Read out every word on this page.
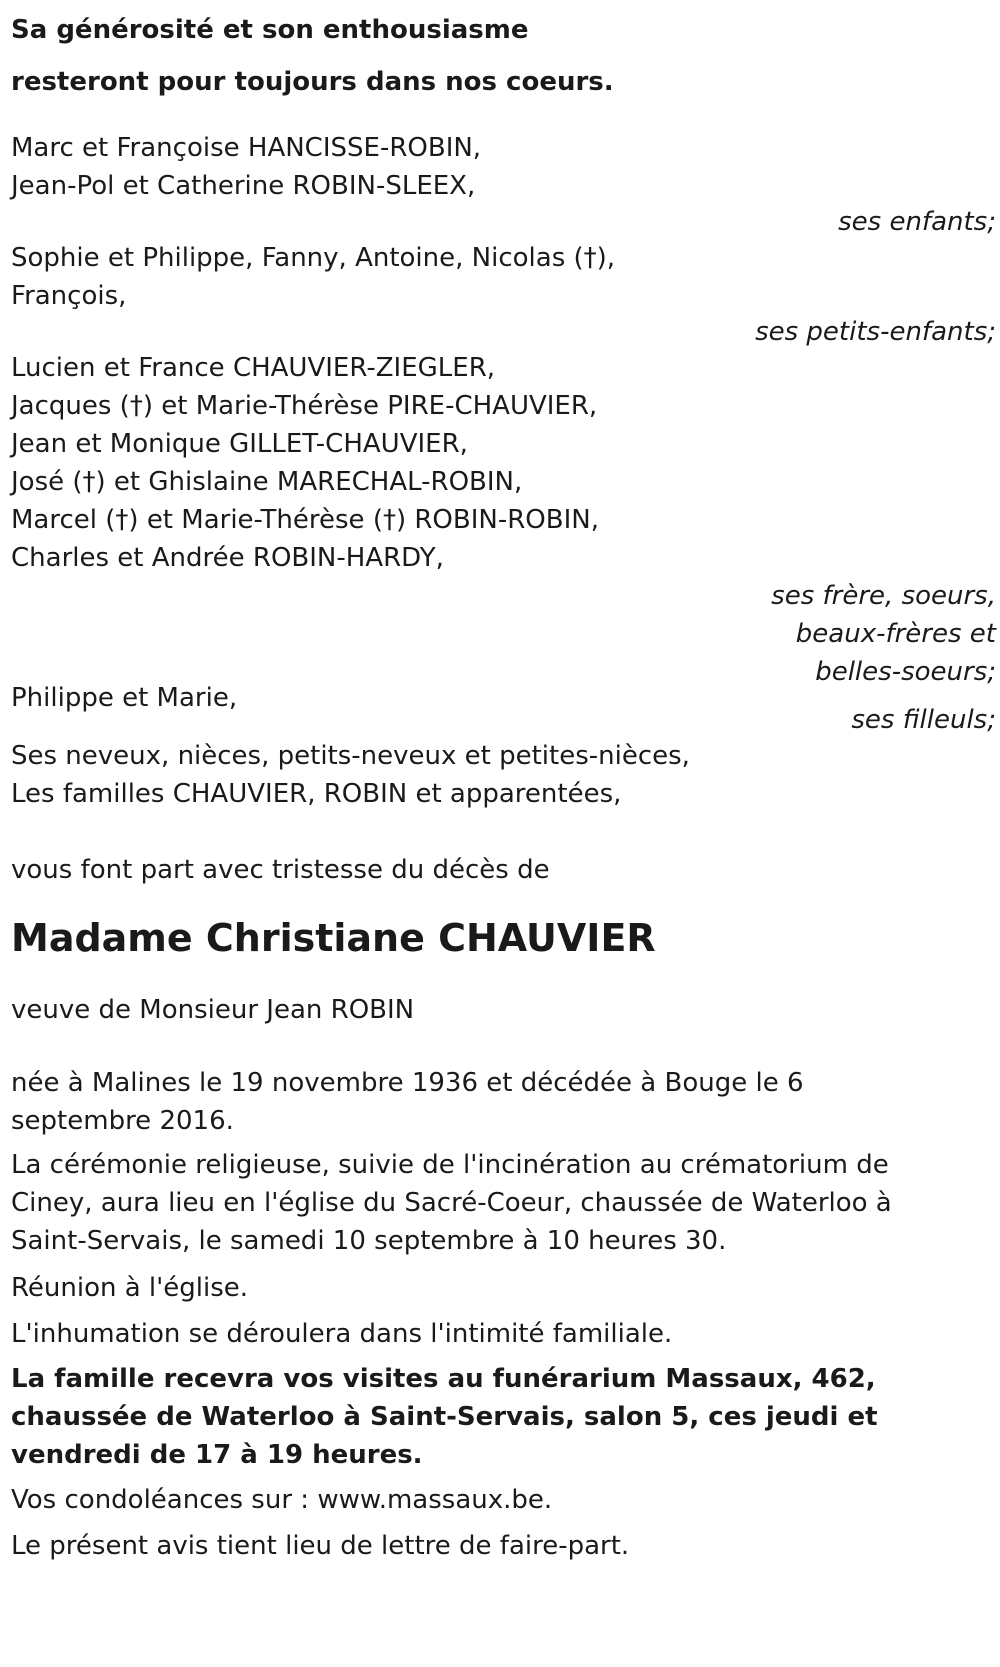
Sa générosité et son enthousiasme
resteront pour toujours dans nos coeurs.
Marc et Françoise HANCISSE-ROBIN,
Jean-Pol et Catherine ROBIN-SLEEX,
ses enfants;
Sophie et Philippe, Fanny, Antoine, Nicolas (†),
François,
ses petits-enfants;
Lucien et France CHAUVIER-ZIEGLER,
Jacques (†) et Marie-Thérèse PIRE-CHAUVIER,
Jean et Monique GILLET-CHAUVIER,
José (†) et Ghislaine MARECHAL-ROBIN,
Marcel (†) et Marie-Thérèse (†) ROBIN-ROBIN,
Charles et Andrée ROBIN-HARDY,
ses frère, soeurs,
beaux-frères et
belles-soeurs;
Philippe et Marie,
ses filleuls;
Ses neveux, nièces, petits-neveux et petites-nièces,
Les familles CHAUVIER, ROBIN et apparentées,
vous font part avec tristesse du décès de
Madame Christiane CHAUVIER
veuve de Monsieur Jean ROBIN
née à Malines le 19 novembre 1936 et décédée à Bouge le 6 septembre 2016.
La cérémonie religieuse, suivie de l'incinération au crématorium de Ciney, aura lieu en l'église du Sacré-Coeur, chaussée de Waterloo à Saint-Servais, le samedi 10 septembre à 10 heures 30.
Réunion à l'église.
L'inhumation se déroulera dans l'intimité familiale.
La famille recevra vos visites au funérarium Massaux, 462, chaussée de Waterloo à Saint-Servais, salon 5, ces jeudi et vendredi de 17 à 19 heures.
Vos condoléances sur : www.massaux.be.
Le présent avis tient lieu de lettre de faire-part.
